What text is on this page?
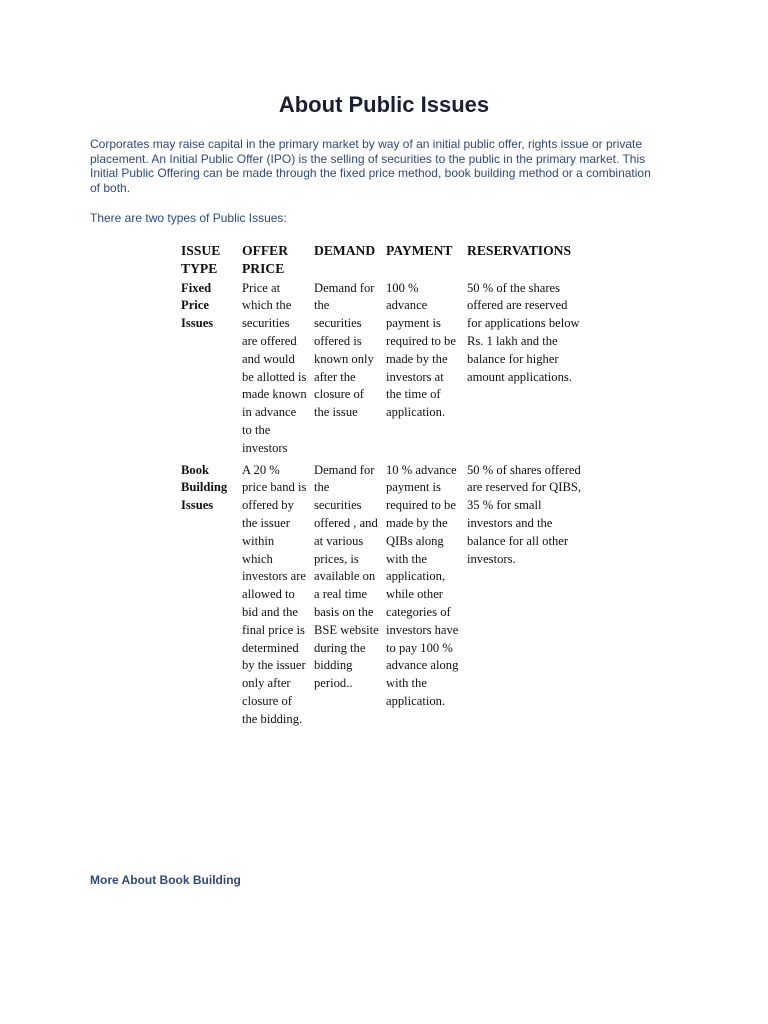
About Public Issues

Corporates may raise capital in the primary market by way of an initial public offer, rights issue or private
placement. An Initial Public Offer (IPO) is the selling of securities to the public in the primary market. This
Initial Public Offering can be made through the fixed price method, book building method or a combination
of both.

There are two types of Public Issues:

ISSUE TYPE	OFFER PRICE	DEMAND	PAYMENT	RESERVATIONS
Fixed Price Issues	Price at which the securities are offered and would be allotted is made known in advance to the investors	Demand for the securities offered is known only after the closure of the issue	100 % advance payment is required to be made by the investors at the time of application.	50 % of the shares offered are reserved for applications below Rs. 1 lakh and the balance for higher amount applications.
Book Building Issues	A 20 % price band is offered by the issuer within which investors are allowed to bid and the final price is determined by the issuer only after closure of the bidding.	Demand for the securities offered , and at various prices, is available on a real time basis on the BSE website during the bidding period..	10 % advance payment is required to be made by the QIBs along with the application, while other categories of investors have to pay 100 % advance along with the application.	50 % of shares offered are reserved for QIBS, 35 % for small investors and the balance for all other investors.
More About Book Building
